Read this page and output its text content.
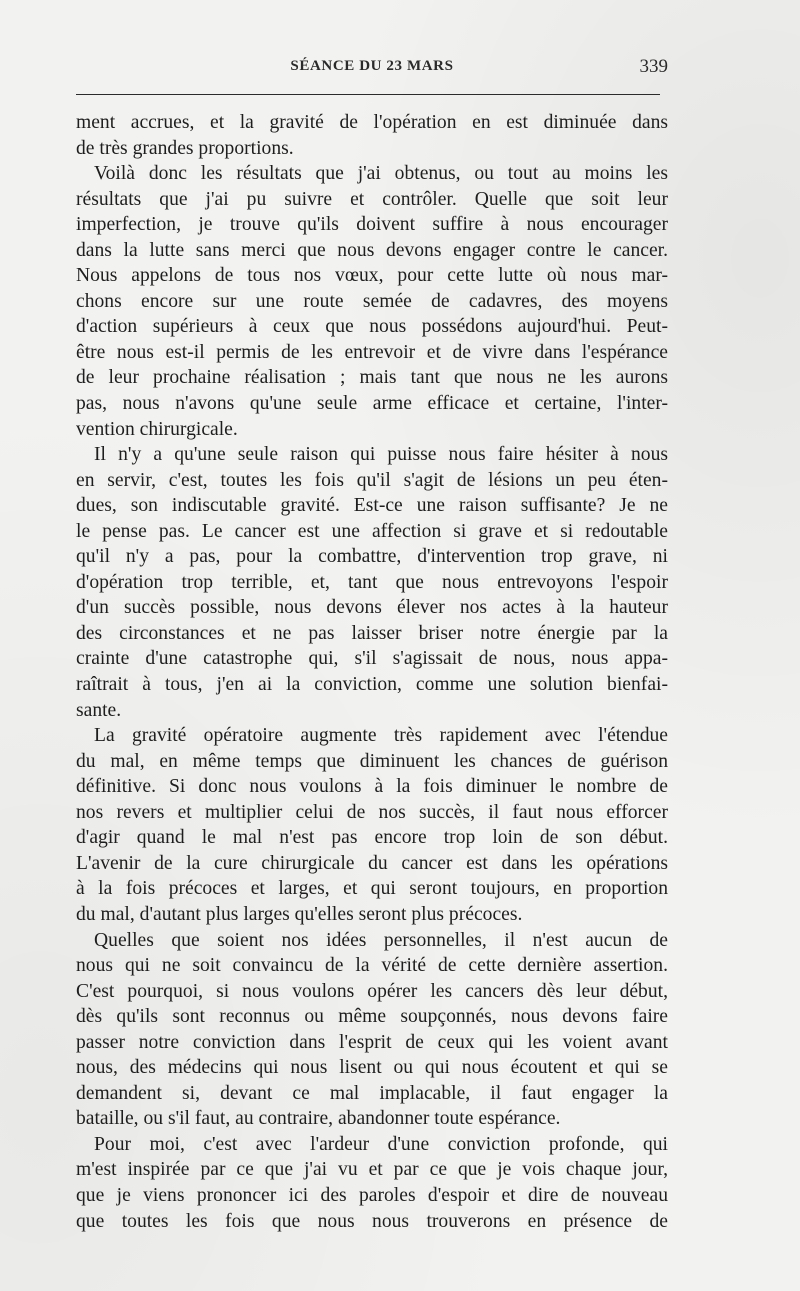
SÉANCE DU 23 MARS	339
ment accrues, et la gravité de l'opération en est diminuée dans
de très grandes proportions.
Voilà donc les résultats que j'ai obtenus, ou tout au moins les
résultats que j'ai pu suivre et contrôler. Quelle que soit leur
imperfection, je trouve qu'ils doivent suffire à nous encourager
dans la lutte sans merci que nous devons engager contre le cancer.
Nous appelons de tous nos vœux, pour cette lutte où nous mar-
chons encore sur une route semée de cadavres, des moyens
d'action supérieurs à ceux que nous possédons aujourd'hui. Peut-
être nous est-il permis de les entrevoir et de vivre dans l'espérance
de leur prochaine réalisation ; mais tant que nous ne les aurons
pas, nous n'avons qu'une seule arme efficace et certaine, l'inter-
vention chirurgicale.
Il n'y a qu'une seule raison qui puisse nous faire hésiter à nous
en servir, c'est, toutes les fois qu'il s'agit de lésions un peu éten-
dues, son indiscutable gravité. Est-ce une raison suffisante? Je ne
le pense pas. Le cancer est une affection si grave et si redoutable
qu'il n'y a pas, pour la combattre, d'intervention trop grave, ni
d'opération trop terrible, et, tant que nous entrevoyons l'espoir
d'un succès possible, nous devons élever nos actes à la hauteur
des circonstances et ne pas laisser briser notre énergie par la
crainte d'une catastrophe qui, s'il s'agissait de nous, nous appa-
raîtrait à tous, j'en ai la conviction, comme une solution bienfai-
sante.
La gravité opératoire augmente très rapidement avec l'étendue
du mal, en même temps que diminuent les chances de guérison
définitive. Si donc nous voulons à la fois diminuer le nombre de
nos revers et multiplier celui de nos succès, il faut nous efforcer
d'agir quand le mal n'est pas encore trop loin de son début.
L'avenir de la cure chirurgicale du cancer est dans les opérations
à la fois précoces et larges, et qui seront toujours, en proportion
du mal, d'autant plus larges qu'elles seront plus précoces.
Quelles que soient nos idées personnelles, il n'est aucun de
nous qui ne soit convaincu de la vérité de cette dernière assertion.
C'est pourquoi, si nous voulons opérer les cancers dès leur début,
dès qu'ils sont reconnus ou même soupçonnés, nous devons faire
passer notre conviction dans l'esprit de ceux qui les voient avant
nous, des médecins qui nous lisent ou qui nous écoutent et qui se
demandent si, devant ce mal implacable, il faut engager la
bataille, ou s'il faut, au contraire, abandonner toute espérance.
Pour moi, c'est avec l'ardeur d'une conviction profonde, qui
m'est inspirée par ce que j'ai vu et par ce que je vois chaque jour,
que je viens prononcer ici des paroles d'espoir et dire de nouveau
que toutes les fois que nous nous trouverons en présence de
